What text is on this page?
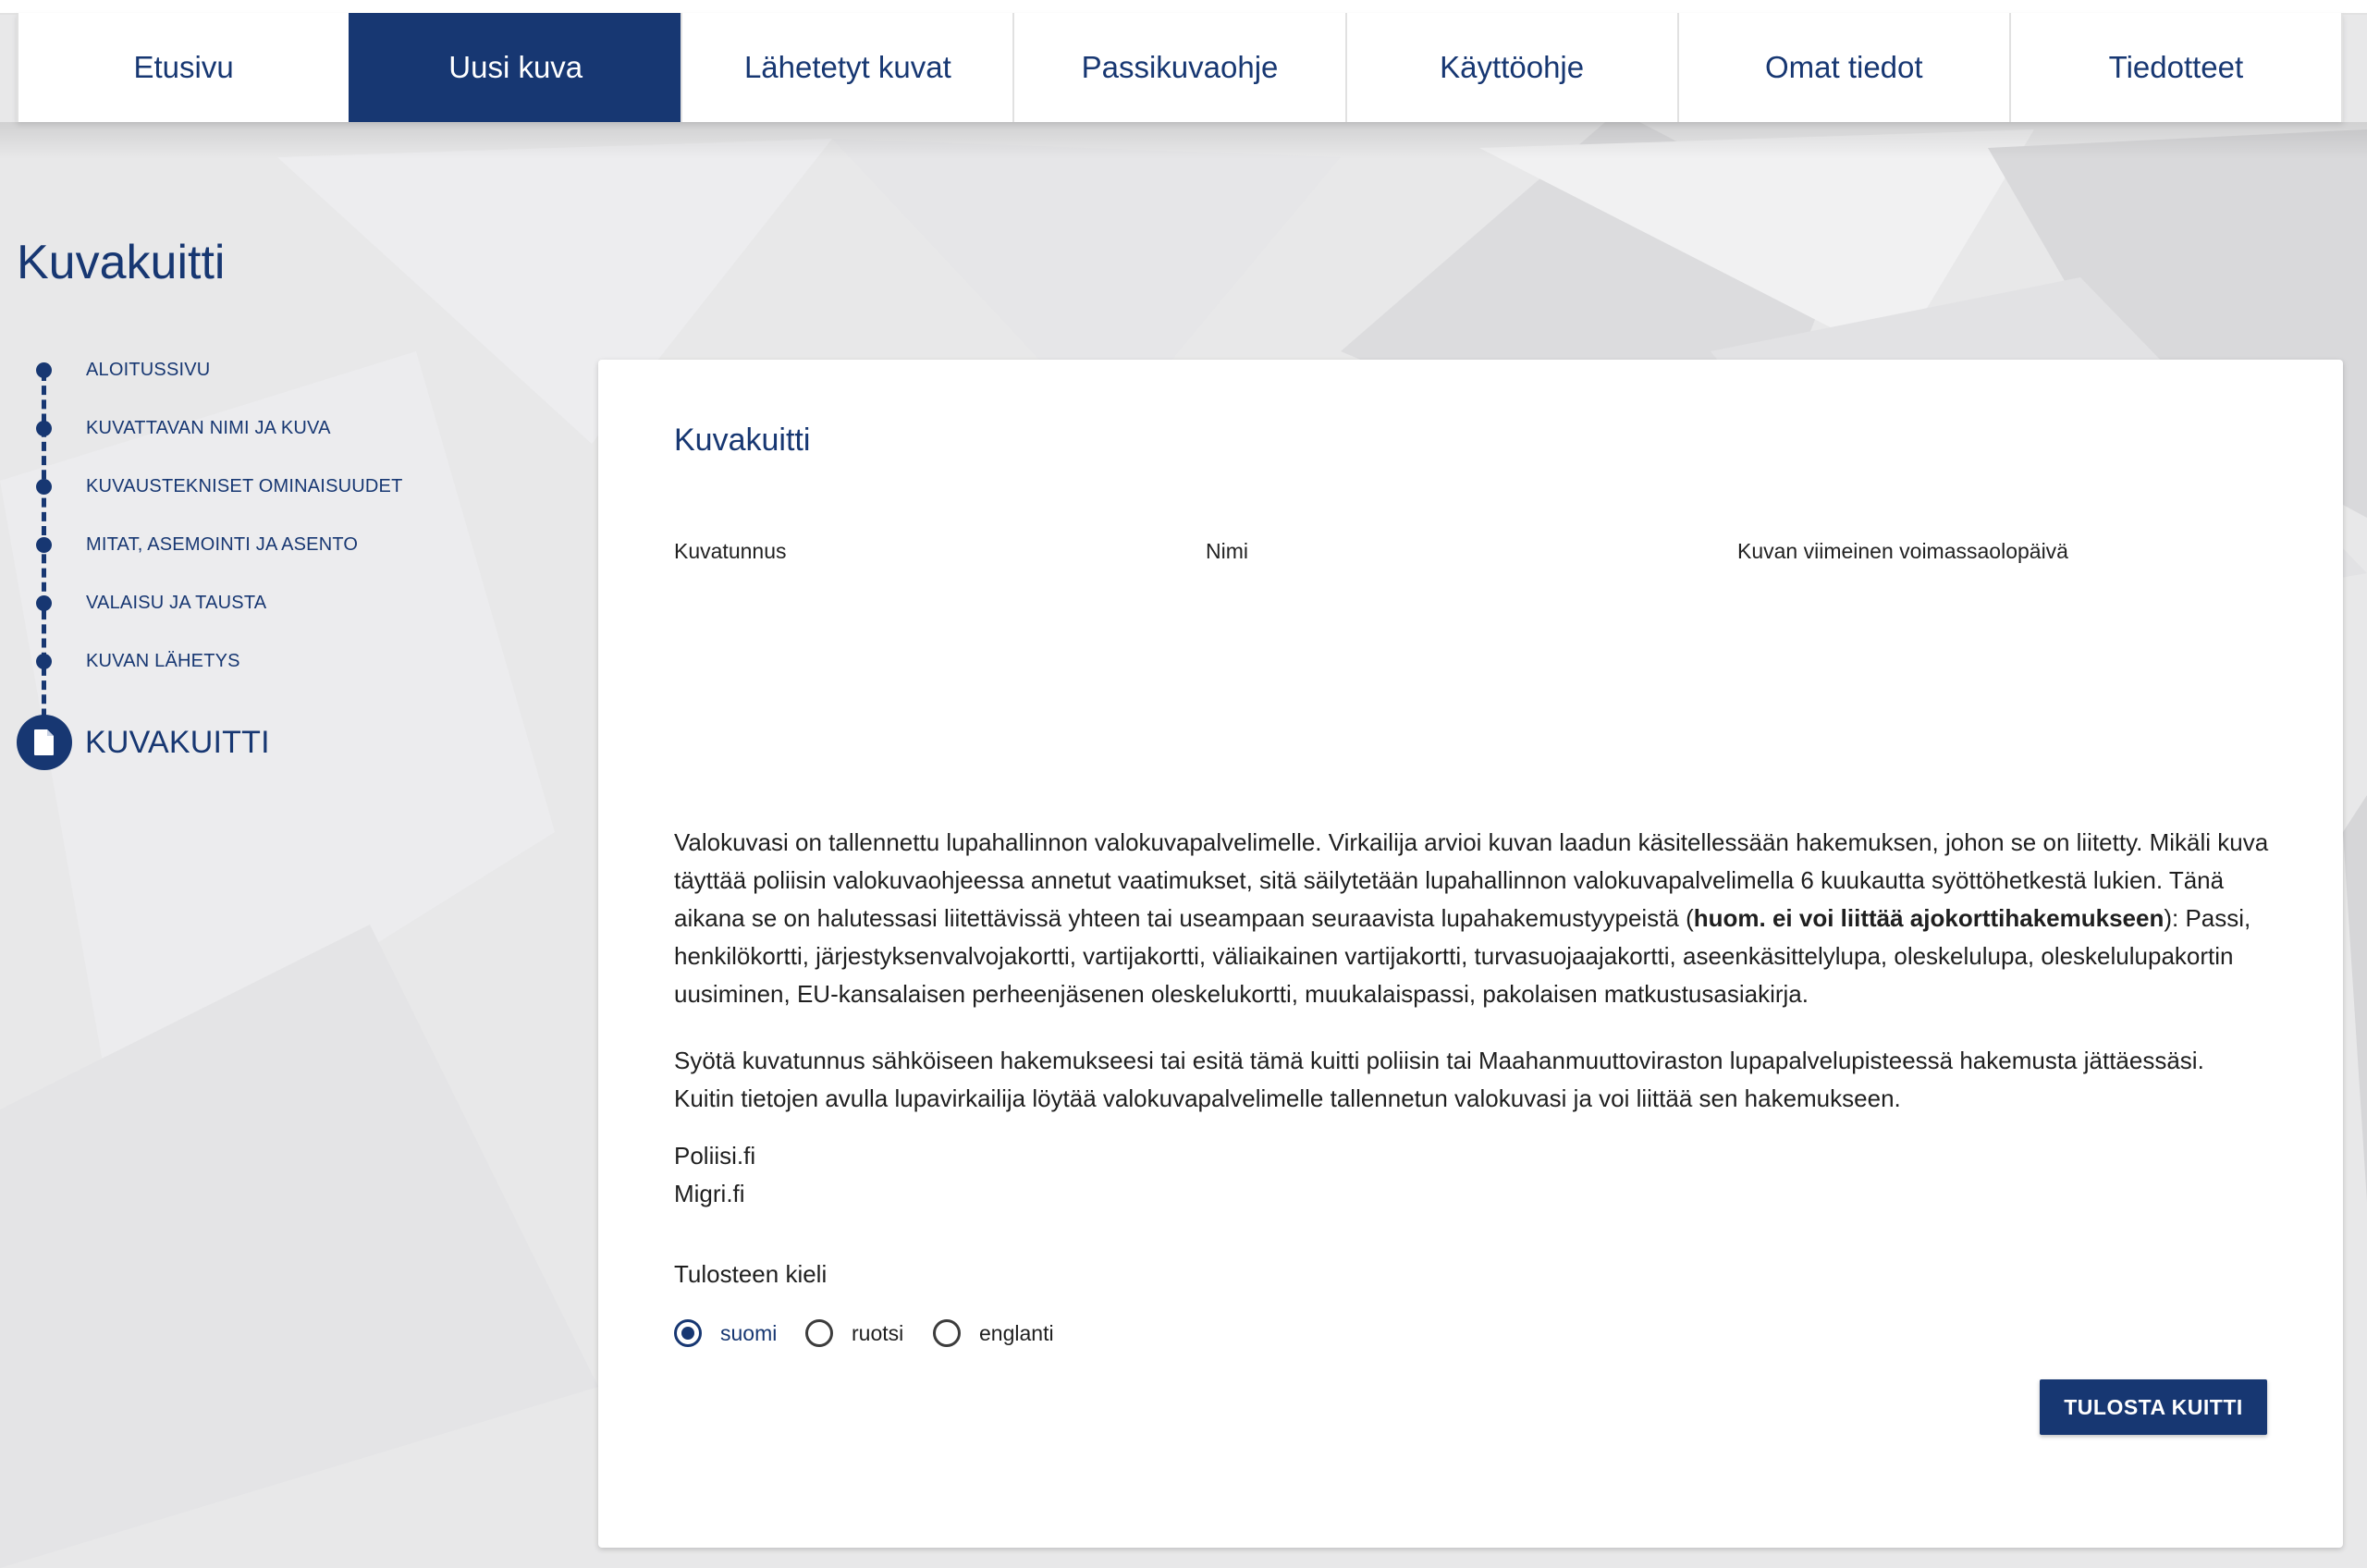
Etusivu	Uusi kuva	Lähetetyt kuvat	Passikuvaohje	Käyttöohje	Omat tiedot	Tiedotteet
Kuvakuitti
ALOITUSSIVU
KUVATTAVAN NIMI JA KUVA
KUVAUSTEKNISET OMINAISUUDET
MITAT, ASEMOINTI JA ASENTO
VALAISU JA TAUSTA
KUVAN LÄHETYS
KUVAKUITTI
Kuvakuitti
Kuvatunnus	Nimi	Kuvan viimeinen voimassaolopäivä

Valokuvasi on tallennettu lupahallinnon valokuvapalvelimelle. Virkailija arvioi kuvan laadun käsitellessään hakemuksen, johon se on liitetty. Mikäli kuva täyttää poliisin valokuvaohjeessa annetut vaatimukset, sitä säilytetään lupahallinnon valokuvapalvelimella 6 kuukautta syöttöhetkestä lukien. Tänä aikana se on halutessasi liitettävissä yhteen tai useampaan seuraavista lupahakemustyypeistä (huom. ei voi liittää ajokorttihakemukseen): Passi, henkilökortti, järjestyksenvalvojakortti, vartijakortti, väliaikainen vartijakortti, turvasuojaajakortti, aseenkäsittelylupa, oleskelulupa, oleskelulupakortin uusiminen, EU-kansalaisen perheenjäsenen oleskelukortti, muukalaispassi, pakolaisen matkustusasiakirja.

Syötä kuvatunnus sähköiseen hakemukseesi tai esitä tämä kuitti poliisin tai Maahanmuuttoviraston lupapalvelupisteessä hakemusta jättäessäsi. Kuitin tietojen avulla lupavirkailija löytää valokuvapalvelimelle tallennetun valokuvasi ja voi liittää sen hakemukseen.

Poliisi.fi
Migri.fi
Tulosteen kieli
suomi	ruotsi	englanti
TULOSTA KUITTI
